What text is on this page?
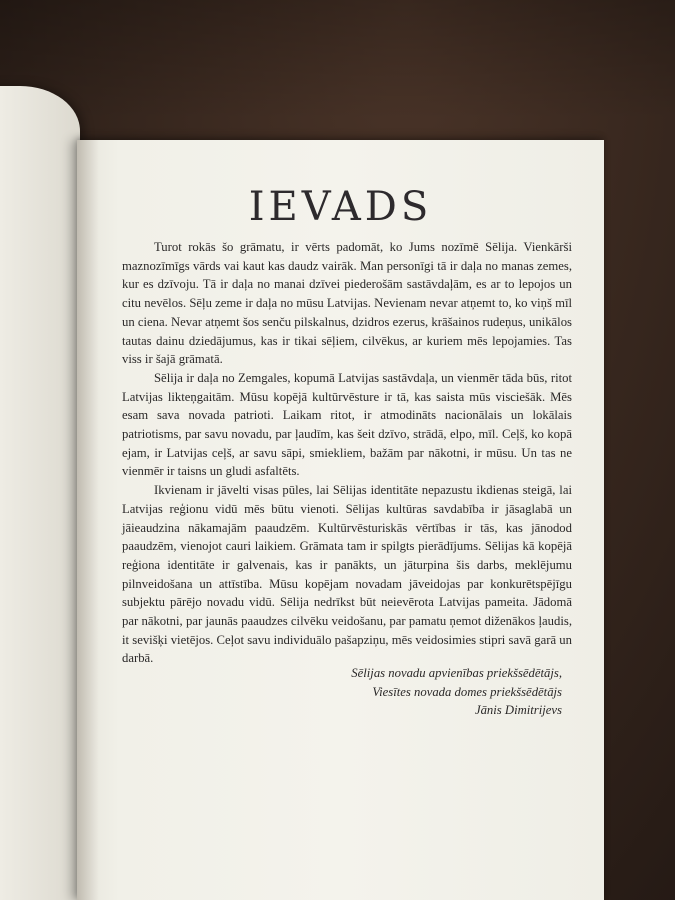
IEVADS

Turot rokās šo grāmatu, ir vērts padomāt, ko Jums nozīmē Sēlija. Vienkārši maznozīmīgs vārds vai kaut kas daudz vairāk. Man personīgi tā ir daļa no manas zemes, kur es dzīvoju. Tā ir daļa no manai dzīvei piederošām sastāvdaļām, es ar to lepojos un citu nevēlos. Sēļu zeme ir daļa no mūsu Latvijas. Nevienam nevar atņemt to, ko viņš mīl un ciena. Nevar atņemt šos senču pilskalnus, dzidros ezerus, krāšainos rudeņus, unikālos tautas dainu dziedājumus, kas ir tikai sēļiem, cilvēkus, ar kuriem mēs lepojamies. Tas viss ir šajā grāmatā.

Sēlija ir daļa no Zemgales, kopumā Latvijas sastāvdaļa, un vienmēr tāda būs, ritot Latvijas likteņgaitām. Mūsu kopējā kultūrvēsture ir tā, kas saista mūs visciešāk. Mēs esam sava novada patrioti. Laikam ritot, ir atmodināts nacionālais un lokālais patriotisms, par savu novadu, par ļaudīm, kas šeit dzīvo, strādā, elpo, mīl. Ceļš, ko kopā ejam, ir Latvijas ceļš, ar savu sāpi, smiekliem, bažām par nākotni, ir mūsu. Un tas ne vienmēr ir taisns un gludi asfaltēts.

Ikvienam ir jāvelti visas pūles, lai Sēlijas identitāte nepazustu ikdienas steigā, lai Latvijas reģionu vidū mēs būtu vienoti. Sēlijas kultūras savdabība ir jāsaglabā un jāieaudzina nākamajām paaudzēm. Kultūrvēsturiskās vērtības ir tās, kas jānodod paaudzēm, vienojot cauri laikiem. Grāmata tam ir spilgts pierādījums. Sēlijas kā kopējā reģiona identitāte ir galvenais, kas ir panākts, un jāturpina šis darbs, meklējumu pilnveidošana un attīstība. Mūsu kopējam novadam jāveidojas par konkurētspējīgu subjektu pārējo novadu vidū. Sēlija nedrīkst būt neievērota Latvijas pameita. Jādomā par nākotni, par jaunās paaudzes cilvēku veidošanu, par pamatu ņemot diženākos ļaudis, it sevišķi vietējos. Ceļot savu individuālo pašapziņu, mēs veidosimies stipri savā garā un darbā.

Sēlijas novadu apvienības priekšsēdētājs,
Viesītes novada domes priekšsēdētājs
Jānis Dimitrijevs
